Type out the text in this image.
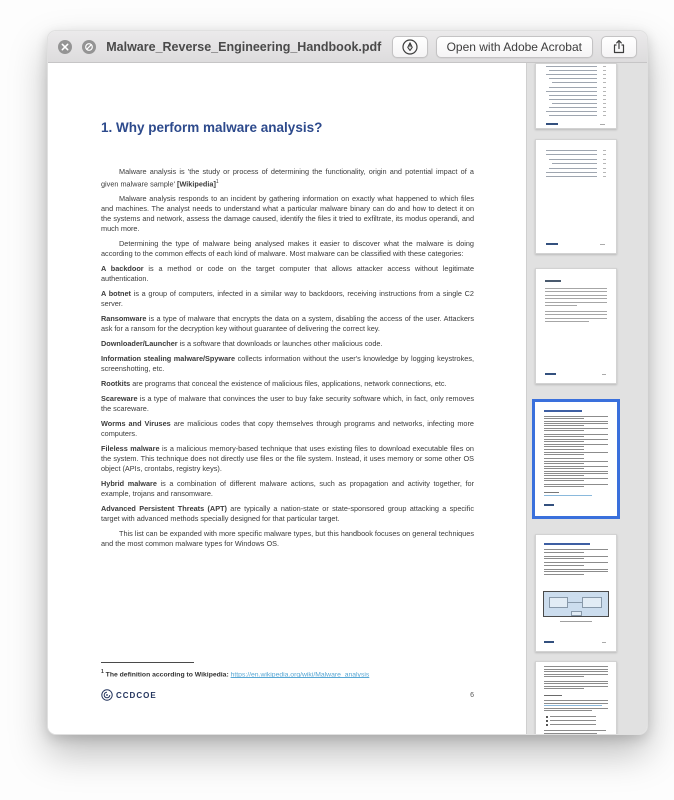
Malware_Reverse_Engineering_Handbook.pdf	Open with Adobe Acrobat
1. Why perform malware analysis?

Malware analysis is 'the study or process of determining the functionality, origin and potential impact of a given malware sample' [Wikipedia]$^1$

Malware analysis responds to an incident by gathering information on exactly what happened to which files and machines. The analyst needs to understand what a particular malware binary can do and how to detect it on the systems and network, assess the damage caused, identify the files it tried to exfiltrate, its modus operandi, and much more.

Determining the type of malware being analysed makes it easier to discover what the malware is doing according to the common effects of each kind of malware. Most malware can be classified with these categories:

A backdoor is a method or code on the target computer that allows attacker access without legitimate authentication.

A botnet is a group of computers, infected in a similar way to backdoors, receiving instructions from a single C2 server.

Ransomware is a type of malware that encrypts the data on a system, disabling the access of the user. Attackers ask for a ransom for the decryption key without guarantee of delivering the correct key.

Downloader/Launcher is a software that downloads or launches other malicious code.

Information stealing malware/Spyware collects information without the user's knowledge by logging keystrokes, screenshotting, etc.

Rootkits are programs that conceal the existence of malicious files, applications, network connections, etc.

Scareware is a type of malware that convinces the user to buy fake security software which, in fact, only removes the scareware.

Worms and Viruses are malicious codes that copy themselves through programs and networks, infecting more computers.

Fileless malware is a malicious memory-based technique that uses existing files to download executable files on the system. This technique does not directly use files or the file system. Instead, it uses memory or some other OS object (APIs, crontabs, registry keys).

Hybrid malware is a combination of different malware actions, such as propagation and activity together, for example, trojans and ransomware.

Advanced Persistent Threats (APT) are typically a nation-state or state-sponsored group attacking a specific target with advanced methods specially designed for that particular target.

This list can be expanded with more specific malware types, but this handbook focuses on general techniques and the most common malware types for Windows OS.

$^1$ The definition according to Wikipedia: https://en.wikipedia.org/wiki/Malware_analysis
CCDCOE	6
